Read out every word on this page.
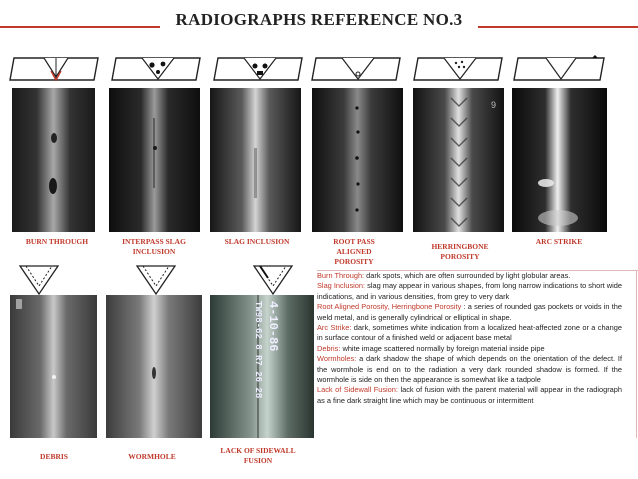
RADIOGRAPHS REFERENCE NO.3
9
BURN THROUGH	INTERPASS SLAG INCLUSION
SLAG INCLUSION	ROOT PASS ALIGNED POROSITY
HERRINGBONE POROSITY
ARC STRIKE
4-10-86
TW98-62 8 R7 26 28
DEBRIS	WORMHOLE
LACK OF SIDEWALL FUSION

Burn Through: dark spots, which are often surrounded by light globular areas.

Slag Inclusion: slag may appear in various shapes, from long narrow indications to short wide indications, and in various densities, from grey to very dark

Root Aligned Porosity, Herringbone Porosity : a series of rounded gas pockets or voids in the weld metal, and is generally cylindrical or elliptical in shape.

Arc Strike: dark, sometimes white indication from a localized heat-affected zone or a change in surface contour of a finished weld or adjacent base metal

Debris: white image scattered normally by foreign material inside pipe

Wormholes: a dark shadow the shape of which depends on the orientation of the defect. If the wormhole is end on to the radiation a very dark rounded shadow is formed. If the wormhole is side on then the appearance is somewhat like a tadpole

Lack of Sidewall Fusion: lack of fusion with the parent material will appear in the radiograph as a fine dark straight line which may be continuous or intermittent
